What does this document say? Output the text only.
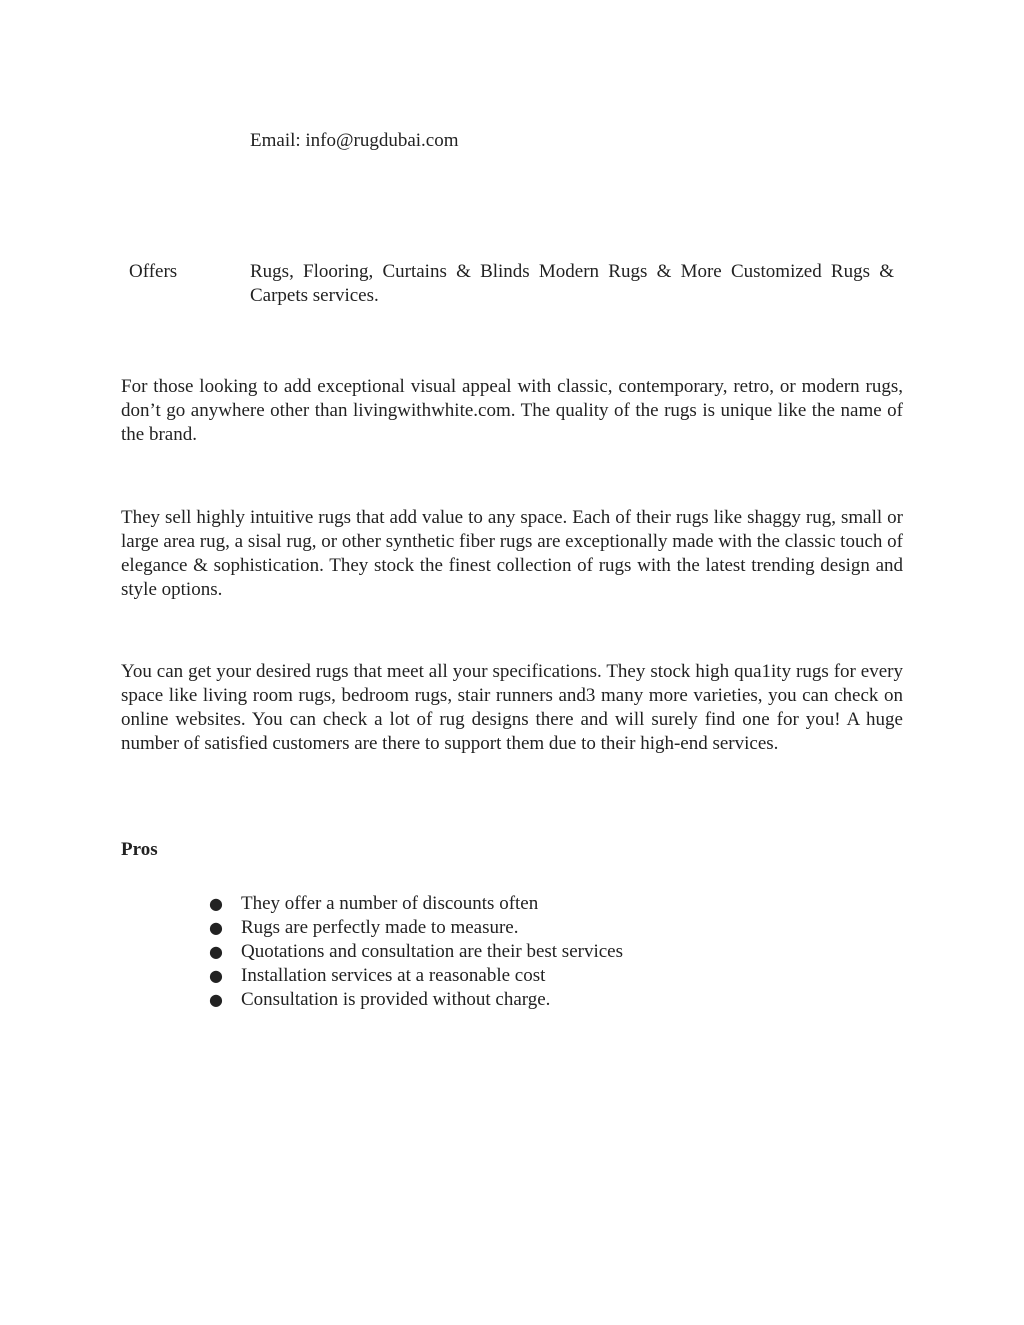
Email: info@rugdubai.com

Offers	Rugs, Flooring, Curtains & Blinds Modern Rugs & More Customized Rugs & Carpets services.

For those looking to add exceptional visual appeal with classic, contemporary, retro, or modern rugs, don’t go anywhere other than livingwithwhite.com. The quality of the rugs is unique like the name of the brand.

They sell highly intuitive rugs that add value to any space. Each of their rugs like shaggy rug, small or large area rug, a sisal rug, or other synthetic fiber rugs are exceptionally made with the classic touch of elegance & sophistication. They stock the finest collection of rugs with the latest trending design and style options.

You can get your desired rugs that meet all your specifications. They stock high qua1ity rugs for every space like living room rugs, bedroom rugs, stair runners and3 many more varieties, you can check on online websites. You can check a lot of rug designs there and will surely find one for you! A huge number of satisfied customers are there to support them due to their high-end services.

Pros
● They offer a number of discounts often
● Rugs are perfectly made to measure.
● Quotations and consultation are their best services
● Installation services at a reasonable cost
● Consultation is provided without charge.
